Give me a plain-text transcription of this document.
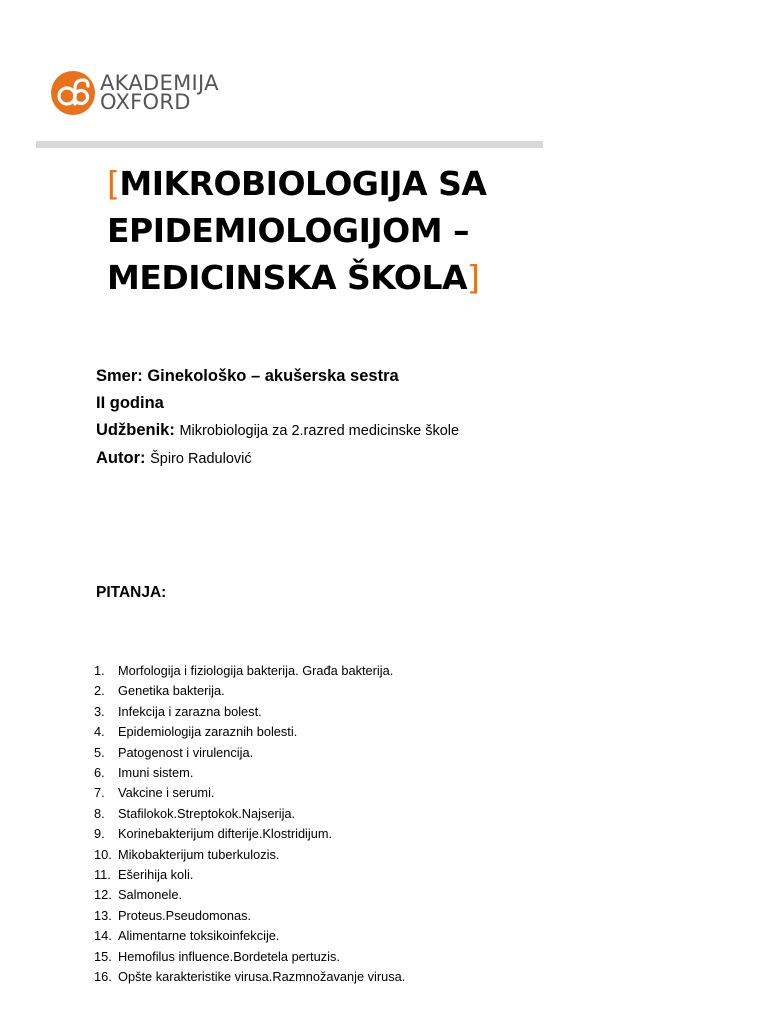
AKADEMIJA
OXFORD
[MIKROBIOLOGIJA SA
EPIDEMIOLOGIJOM –
MEDICINSKA ŠKOLA]
Smer: Ginekološko – akušerska sestra
II godina
Udžbenik: Mikrobiologija za 2.razred medicinske škole
Autor: Špiro Radulović
PITANJA:
1.	Morfologija i fiziologija bakterija. Građa bakterija.
2.	Genetika bakterija.
3.	Infekcija i zarazna bolest.
4.	Epidemiologija zaraznih bolesti.
5.	Patogenost i virulencija.
6.	Imuni sistem.
7.	Vakcine i serumi.
8.	Stafilokok.Streptokok.Najserija.
9.	Korinebakterijum difterije.Klostridijum.
10. Mikobakterijum tuberkulozis.
11. Ešerihija koli.
12. Salmonele.
13. Proteus.Pseudomonas.
14. Alimentarne toksikoinfekcije.
15. Hemofilus influence.Bordetela pertuzis.
16. Opšte karakteristike virusa.Razmnožavanje virusa.
